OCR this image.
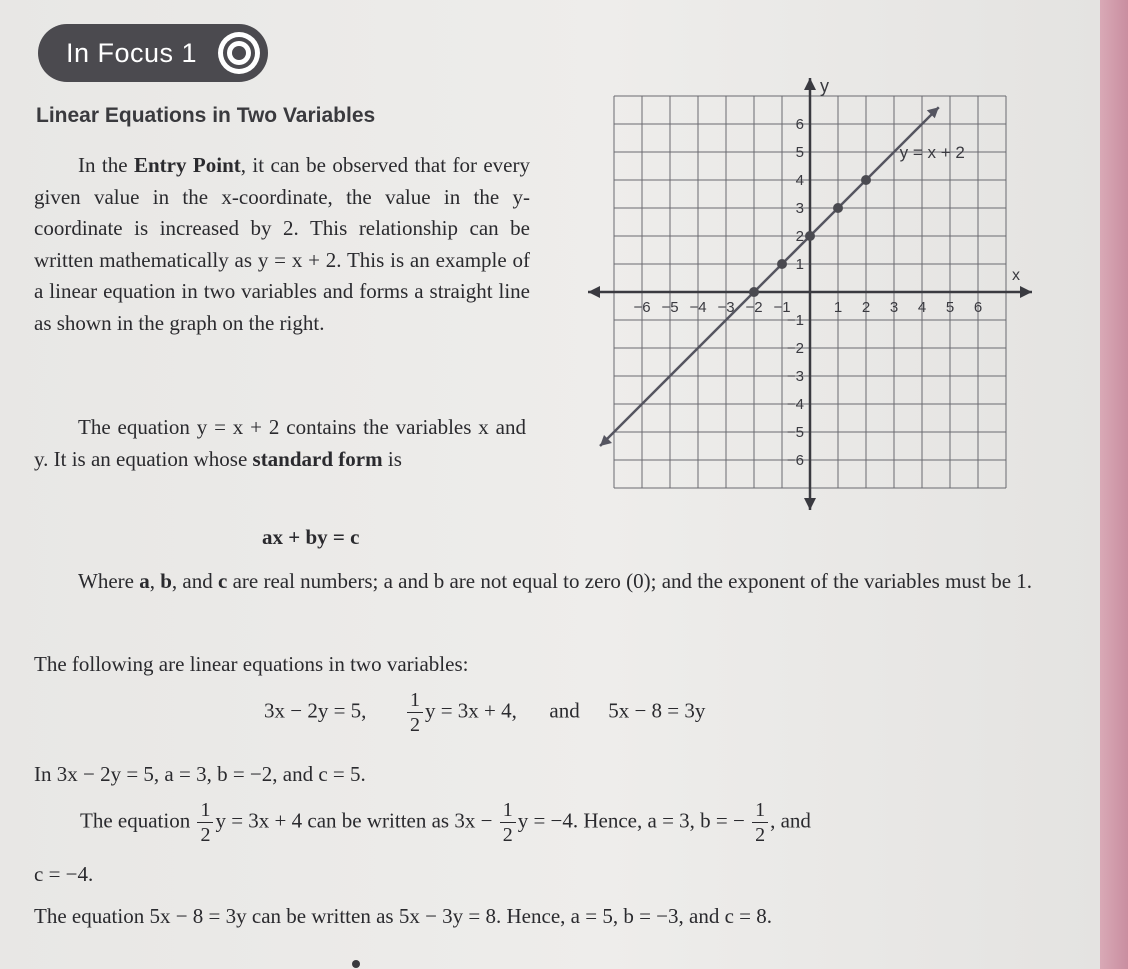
In Focus 1
Linear Equations in Two Variables
In the Entry Point, it can be observed that for every given value in the x-coordinate, the value in the y-coordinate is increased by 2. This relationship can be written mathematically as y = x + 2. This is an example of a linear equation in two variables and forms a straight line as shown in the graph on the right.
The equation y = x + 2 contains the variables x and y. It is an equation whose standard form is
ax + by = c
Where a, b, and c are real numbers; a and b are not equal to zero (0); and the exponent of the variables must be 1.
The following are linear equations in two variables:
3x − 2y = 5, $\frac{1}{2}$ y = 3x + 4, and 5x − 8 = 3y
In 3x − 2y = 5, a = 3, b = −2, and c = 5.
The equation $\frac{1}{2}$ y = 3x + 4 can be written as $3x - \frac{1}{2}$ y = −4. Hence, a = 3, b = − $\frac{1}{2}$ , and
c = −4.
The equation 5x − 8 = 3y can be written as 5x − 3y = 8. Hence, a = 5, b = −3, and c = 8.
x
y
−6 −5 −4 −3 −2 −1	1 2 3 4 5 6
6
5
4
3
2
1
−1
−2
−3
−4
−5
−6
y = x + 2
